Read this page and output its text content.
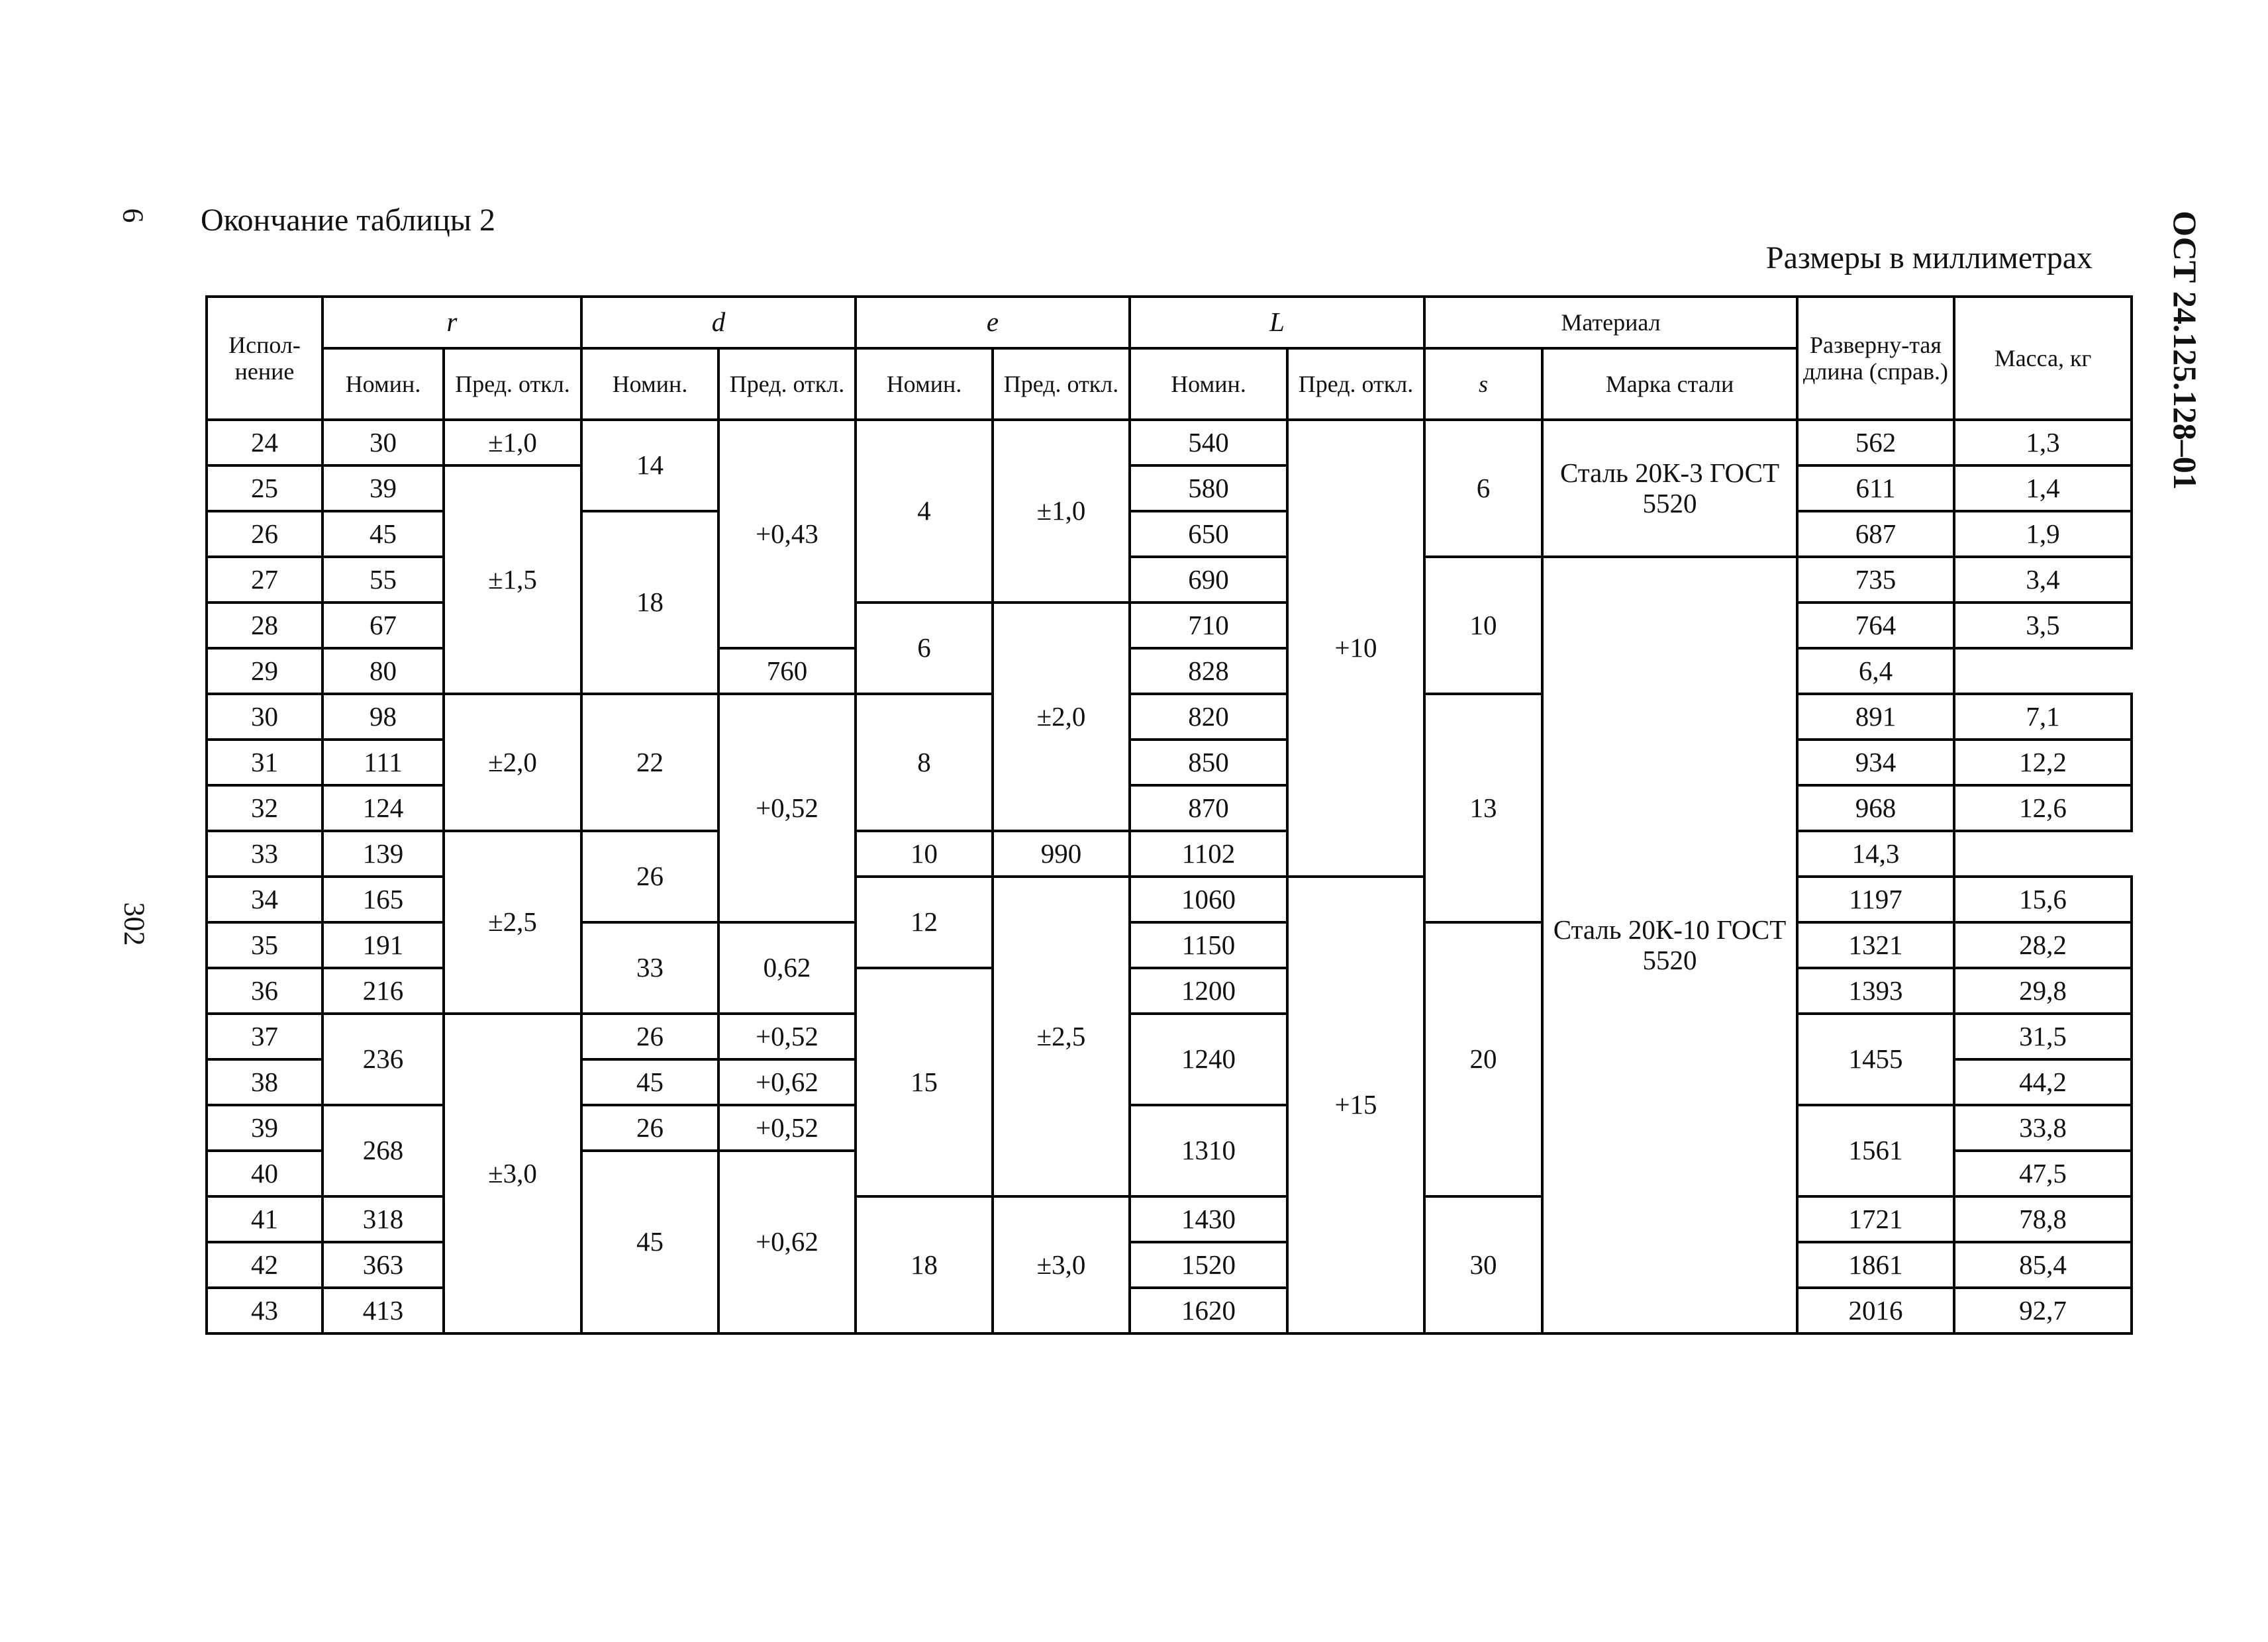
6
302
ОСТ 24.125.128–01
Окончание таблицы 2
Размеры в миллиметрах
Испол-нение	r		d		e		L		Материал		Разверну-тая длина (справ.)	Масса, кг
	Номин.	Пред. откл.	Номин.	Пред. откл.	Номин.	Пред. откл.	Номин.	Пред. откл.	s	Марка стали		
24	30	±1,0	14	+0,43	4	±1,0	540	+10	6	Сталь 20К-3 ГОСТ 5520	562	1,3
25	39	±1,5					580				611	1,4
26	45		18				650				687	1,9
27	55						690		10	Сталь 20К-10 ГОСТ 5520	735	3,4
28	67				6	±2,0	710				764	3,5
29	80			760			828				6,4	
30	98	±2,0	22	+0,52	8		820		13		891	7,1
31	111						850				934	12,2
32	124						870				968	12,6
33	139	±2,5	26		10	990	1102				14,3	
34	165				12	±2,5	1060	+15			1197	15,6
35	191		33	0,62			1150		20		1321	28,2
36	216				15		1200				1393	29,8
37	236	±3,0	26	+0,52			1240				1455	31,5
38			45	+0,62								44,2
39	268		26	+0,52			1310				1561	33,8
40			45	+0,62								47,5
41	318				18	±3,0	1430		30		1721	78,8
42	363						1520				1861	85,4
43	413						1620				2016	92,7
